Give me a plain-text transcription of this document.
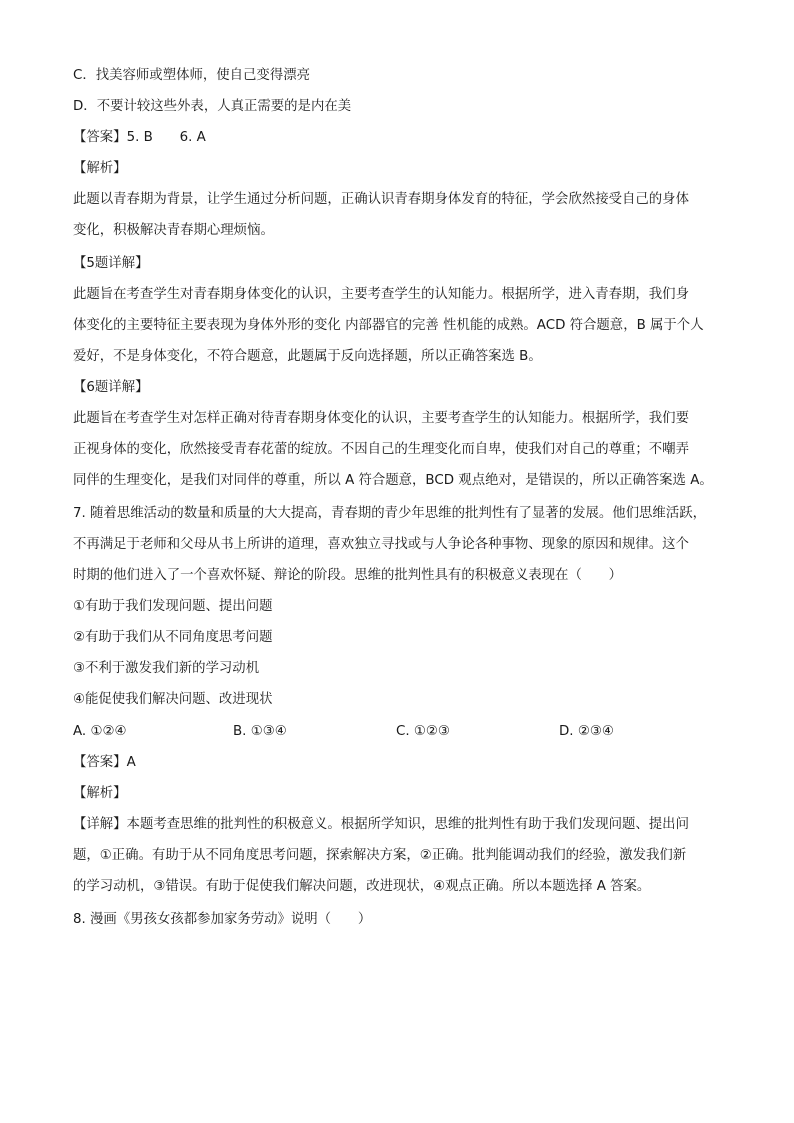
C．找美容师或塑体师，使自己变得漂亮
D．不要计较这些外表，人真正需要的是内在美
【答案】5. B　　6. A
【解析】
此题以青春期为背景，让学生通过分析问题，正确认识青春期身体发育的特征，学会欣然接受自己的身体
变化，积极解决青春期心理烦恼。
【5题详解】
此题旨在考查学生对青春期身体变化的认识，主要考查学生的认知能力。根据所学，进入青春期，我们身
体变化的主要特征主要表现为身体外形的变化 内部器官的完善 性机能的成熟。ACD 符合题意，B 属于个人
爱好，不是身体变化，不符合题意，此题属于反向选择题，所以正确答案选 B。
【6题详解】
此题旨在考查学生对怎样正确对待青春期身体变化的认识，主要考查学生的认知能力。根据所学，我们要
正视身体的变化，欣然接受青春花蕾的绽放。不因自己的生理变化而自卑，使我们对自己的尊重；不嘲弄
同伴的生理变化，是我们对同伴的尊重，所以 A 符合题意，BCD 观点绝对，是错误的，所以正确答案选 A。
7. 随着思维活动的数量和质量的大大提高，青春期的青少年思维的批判性有了显著的发展。他们思维活跃，
不再满足于老师和父母从书上所讲的道理，喜欢独立寻找或与人争论各种事物、现象的原因和规律。这个
时期的他们进入了一个喜欢怀疑、辩论的阶段。思维的批判性具有的积极意义表现在（　　）
①有助于我们发现问题、提出问题
②有助于我们从不同角度思考问题
③不利于激发我们新的学习动机
④能促使我们解决问题、改进现状
A. ①②④	B. ①③④	C. ①②③	D. ②③④
【答案】A
【解析】
【详解】本题考查思维的批判性的积极意义。根据所学知识，思维的批判性有助于我们发现问题、提出问
题，①正确。有助于从不同角度思考问题，探索解决方案，②正确。批判能调动我们的经验，激发我们新
的学习动机，③错误。有助于促使我们解决问题，改进现状，④观点正确。所以本题选择 A 答案。
8. 漫画《男孩女孩都参加家务劳动》说明（　　）
